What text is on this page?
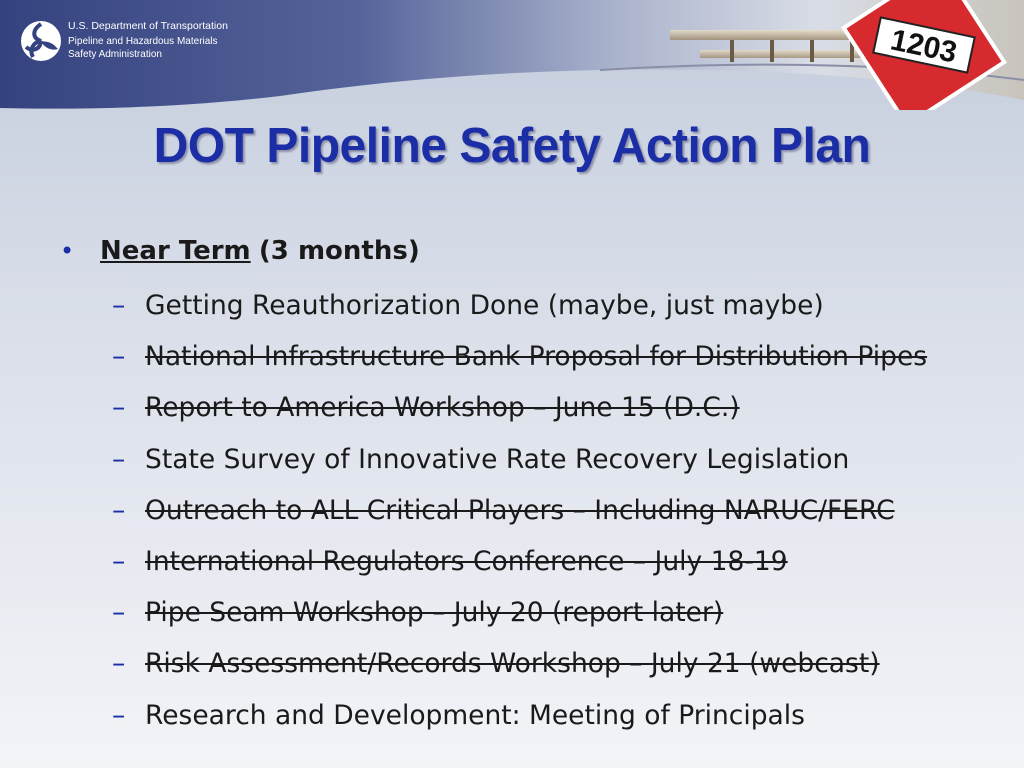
U.S. Department of Transportation
Pipeline and Hazardous Materials
Safety Administration	1203
DOT Pipeline Safety Action Plan
• Near Term (3 months)
– Getting Reauthorization Done (maybe, just maybe)
– National Infrastructure Bank Proposal for Distribution Pipes
– Report to America Workshop – June 15 (D.C.)
– State Survey of Innovative Rate Recovery Legislation
– Outreach to ALL Critical Players – Including NARUC/FERC
– International Regulators Conference – July 18-19
– Pipe Seam Workshop – July 20 (report later)
– Risk Assessment/Records Workshop – July 21 (webcast)
– Research and Development: Meeting of Principals
